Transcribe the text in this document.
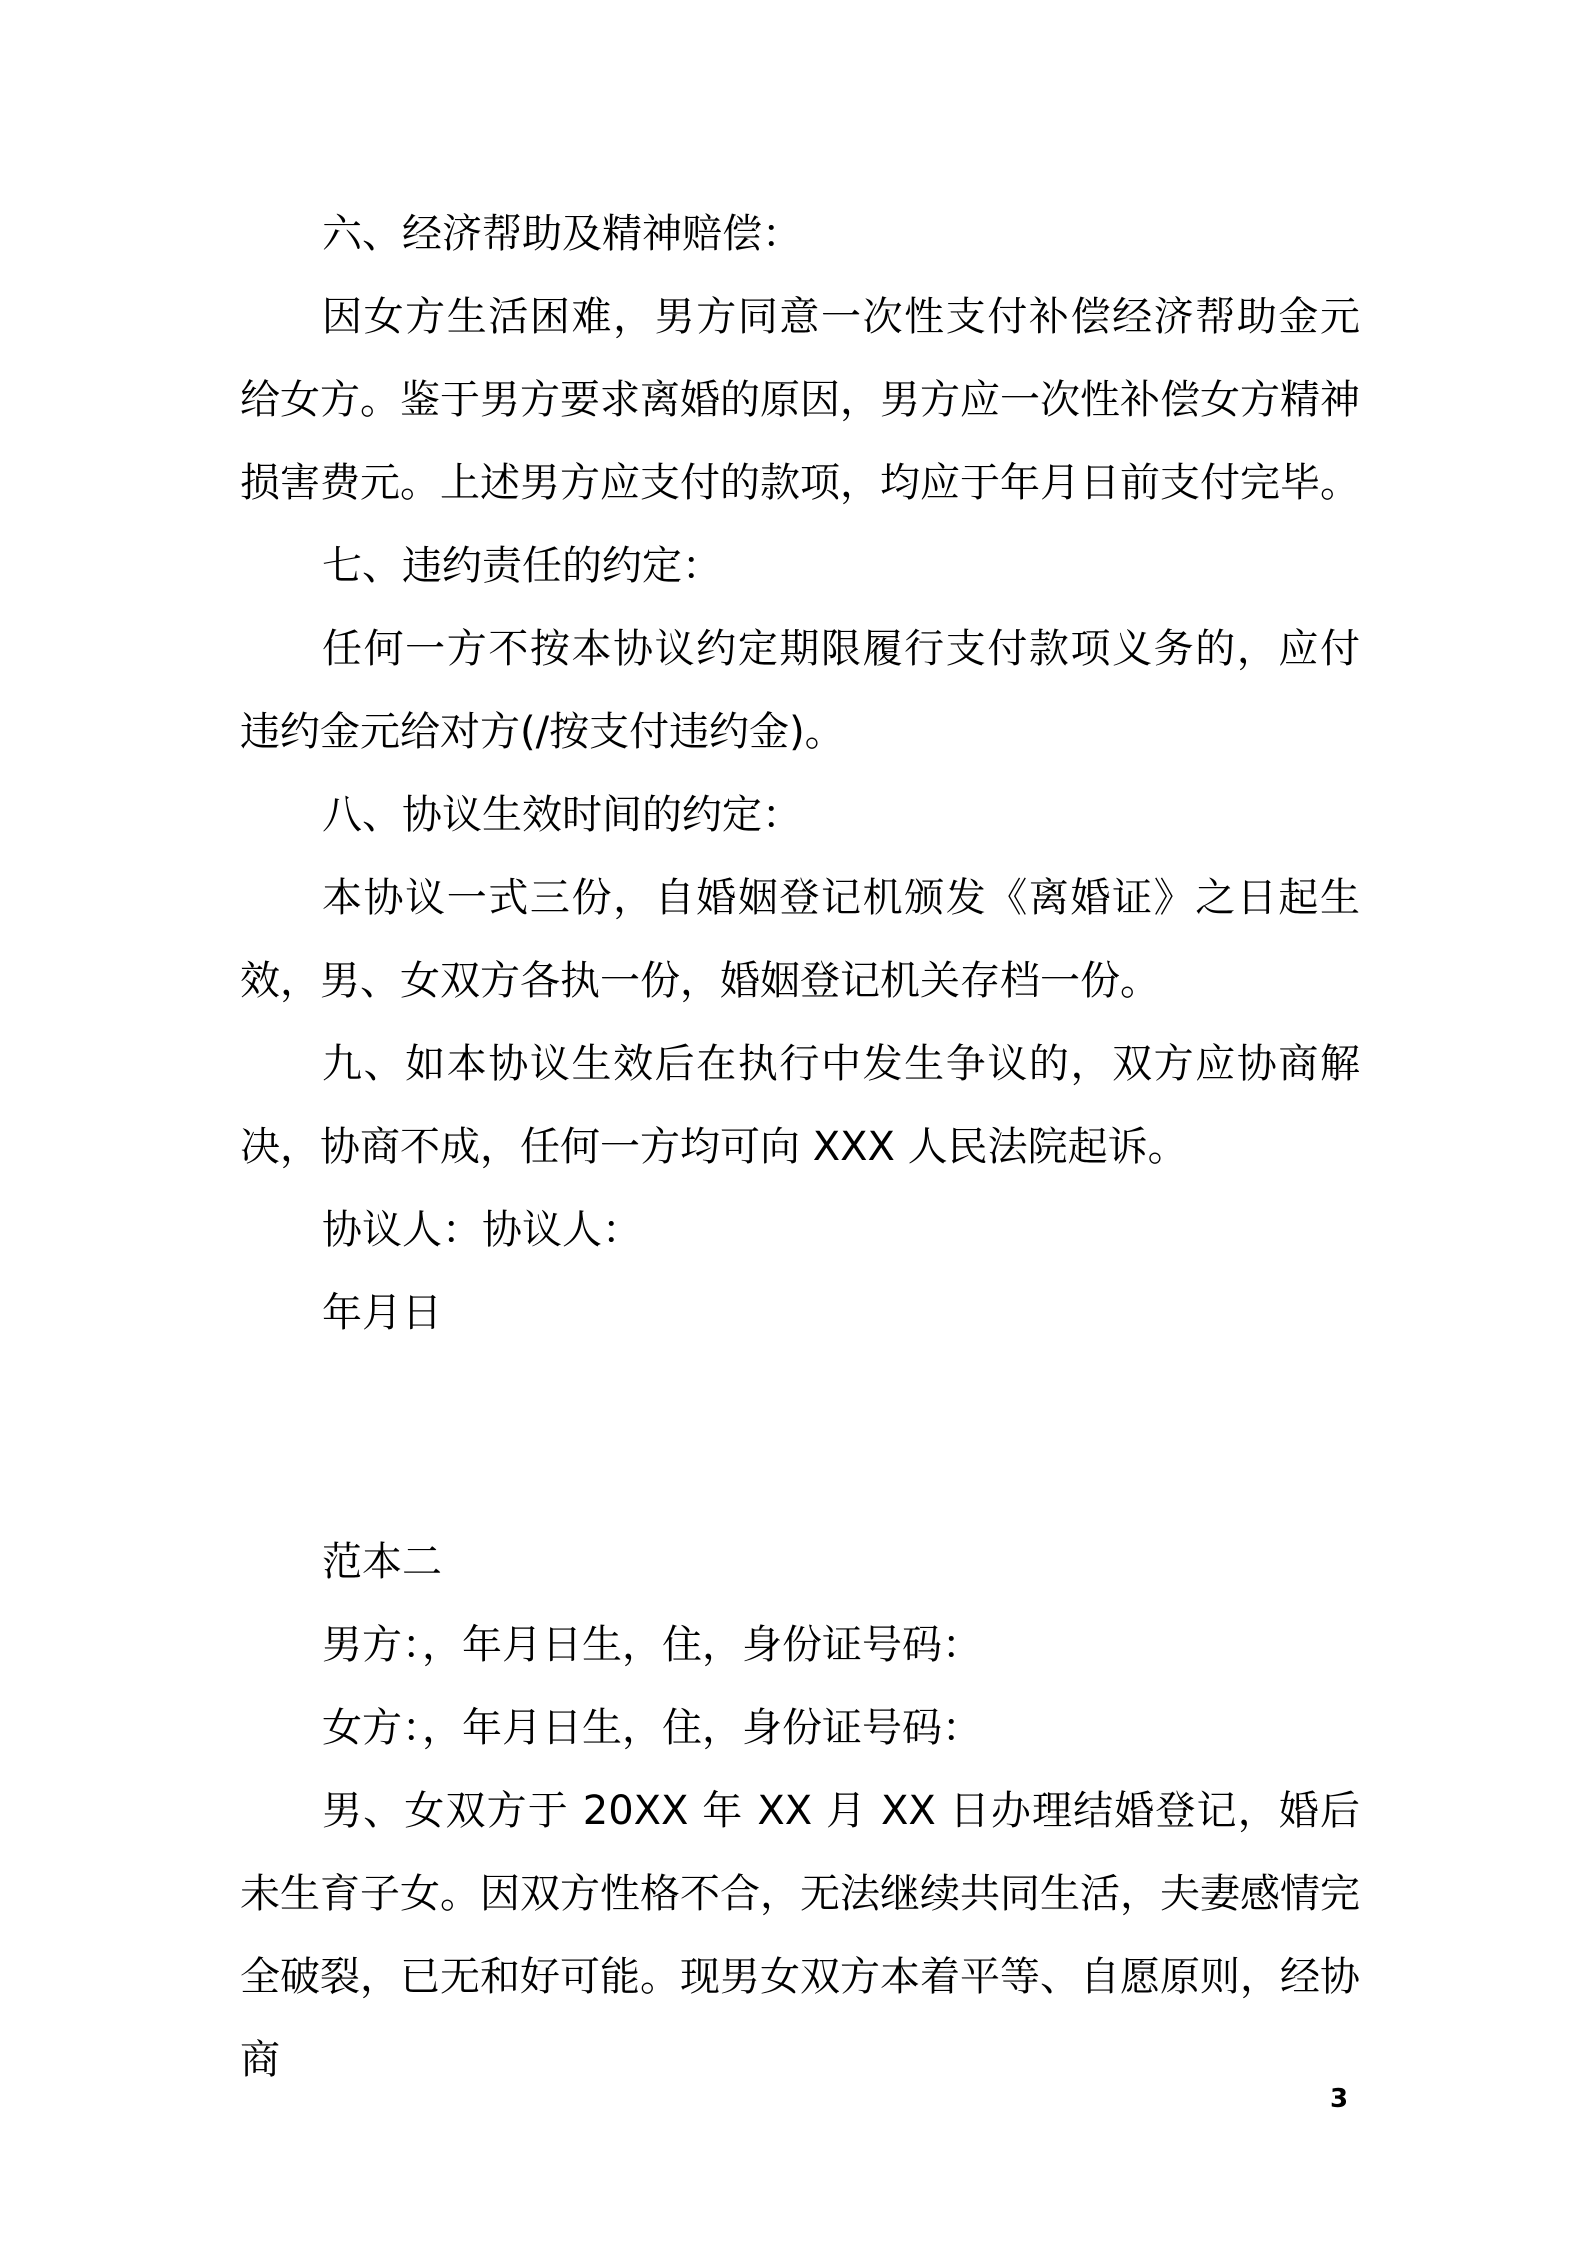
六、经济帮助及精神赔偿：

因女方生活困难，男方同意一次性支付补偿经济帮助金元给女方。鉴于男方要求离婚的原因，男方应一次性补偿女方精神损害费元。上述男方应支付的款项，均应于年月日前支付完毕。

七、违约责任的约定：

任何一方不按本协议约定期限履行支付款项义务的，应付违约金元给对方(/按支付违约金)。

八、协议生效时间的约定：

本协议一式三份，自婚姻登记机颁发《离婚证》之日起生效，男、女双方各执一份，婚姻登记机关存档一份。

九、如本协议生效后在执行中发生争议的，双方应协商解决，协商不成，任何一方均可向 XXX 人民法院起诉。

协议人：协议人：

年月日

范本二

男方：，年月日生，住，身份证号码：

女方：，年月日生，住，身份证号码：

男、女双方于 20XX 年 XX 月 XX 日办理结婚登记，婚后未生育子女。因双方性格不合，无法继续共同生活，夫妻感情完全破裂，已无和好可能。现男女双方本着平等、自愿原则，经协商

3
